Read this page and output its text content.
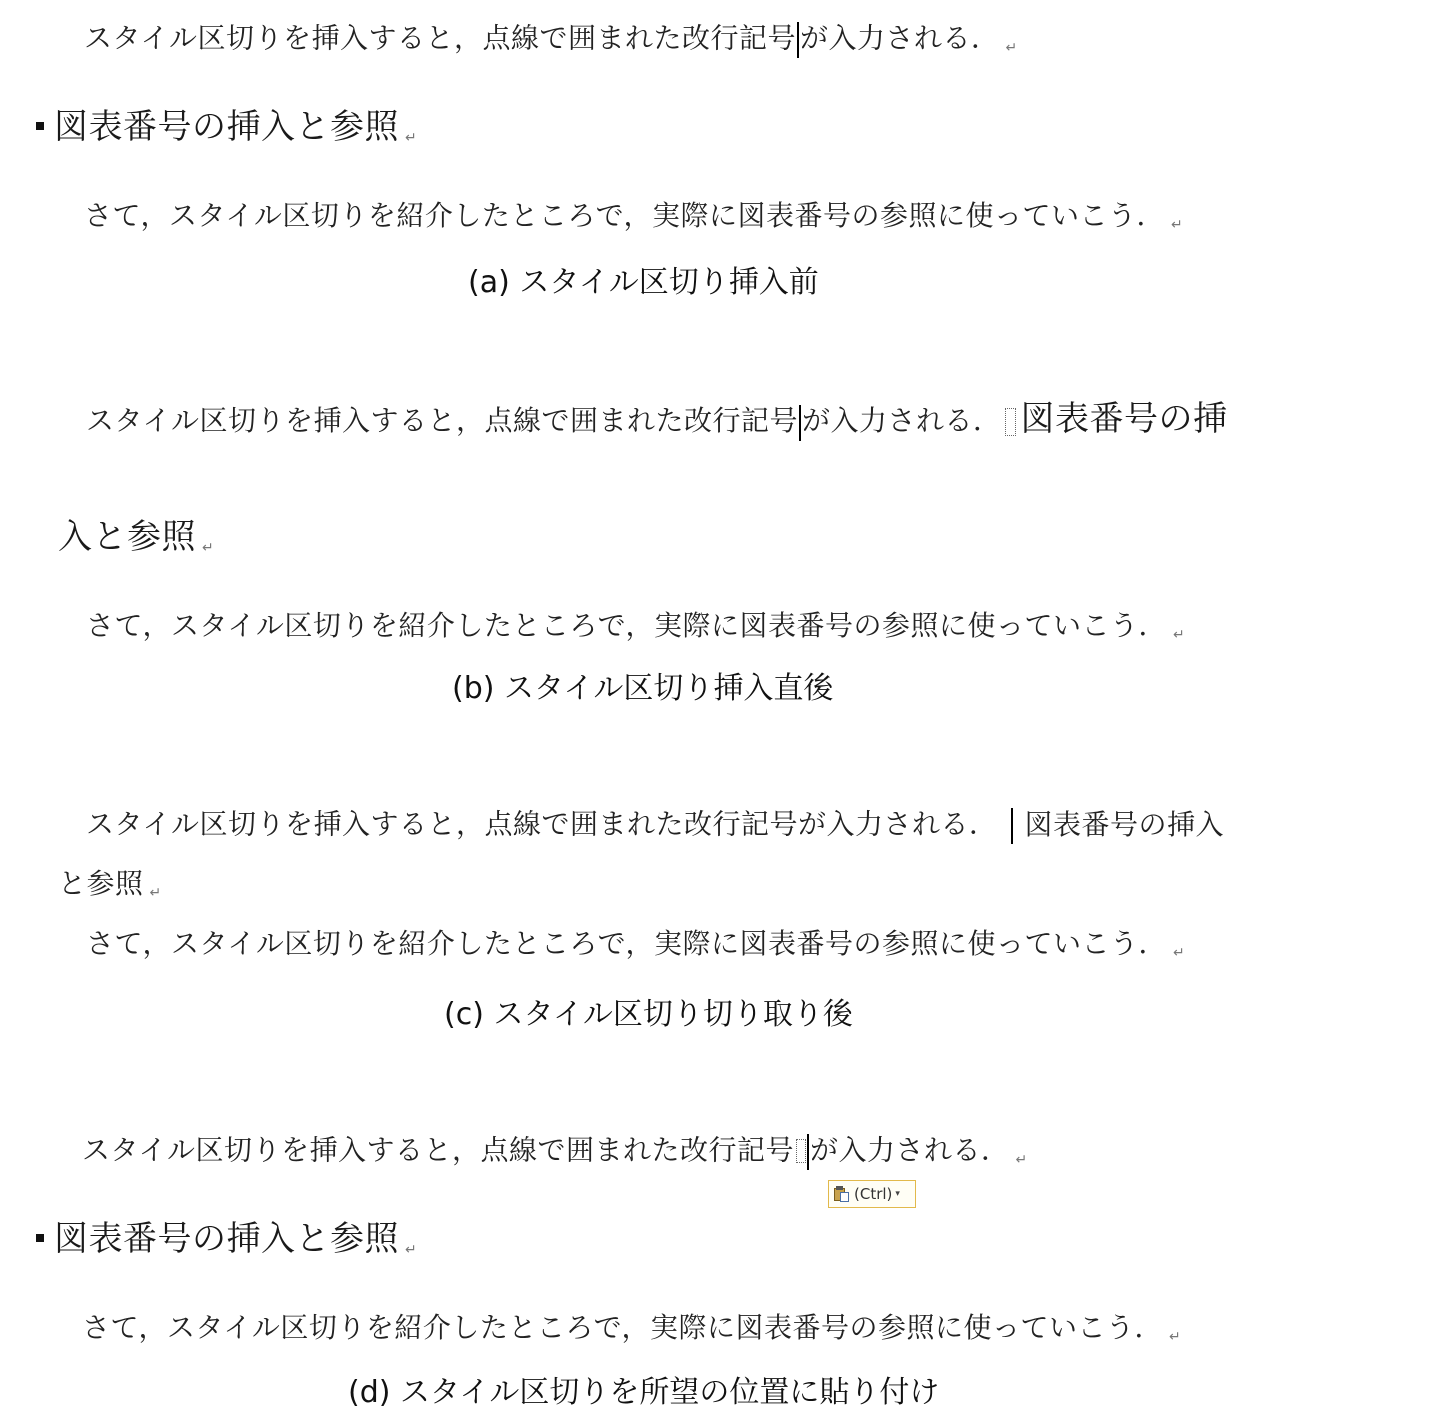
スタイル区切りを挿入すると，点線で囲まれた改行記号 が入力される． ↵
図表番号の挿入と参照 ↵
さて，スタイル区切りを紹介したところで，実際に図表番号の参照に使っていこう． ↵
(a) スタイル区切り挿入前
スタイル区切りを挿入すると，点線で囲まれた改行記号 が入力される． 図表番号の挿
入と参照 ↵
さて，スタイル区切りを紹介したところで，実際に図表番号の参照に使っていこう． ↵
(b) スタイル区切り挿入直後
スタイル区切りを挿入すると，点線で囲まれた改行記号が入力される． 図表番号の挿入
と参照 ↵
さて，スタイル区切りを紹介したところで，実際に図表番号の参照に使っていこう． ↵
(c) スタイル区切り切り取り後
スタイル区切りを挿入すると，点線で囲まれた改行記号 が入力される． ↵
(Ctrl) ▾
図表番号の挿入と参照 ↵
さて，スタイル区切りを紹介したところで，実際に図表番号の参照に使っていこう． ↵
(d) スタイル区切りを所望の位置に貼り付け
